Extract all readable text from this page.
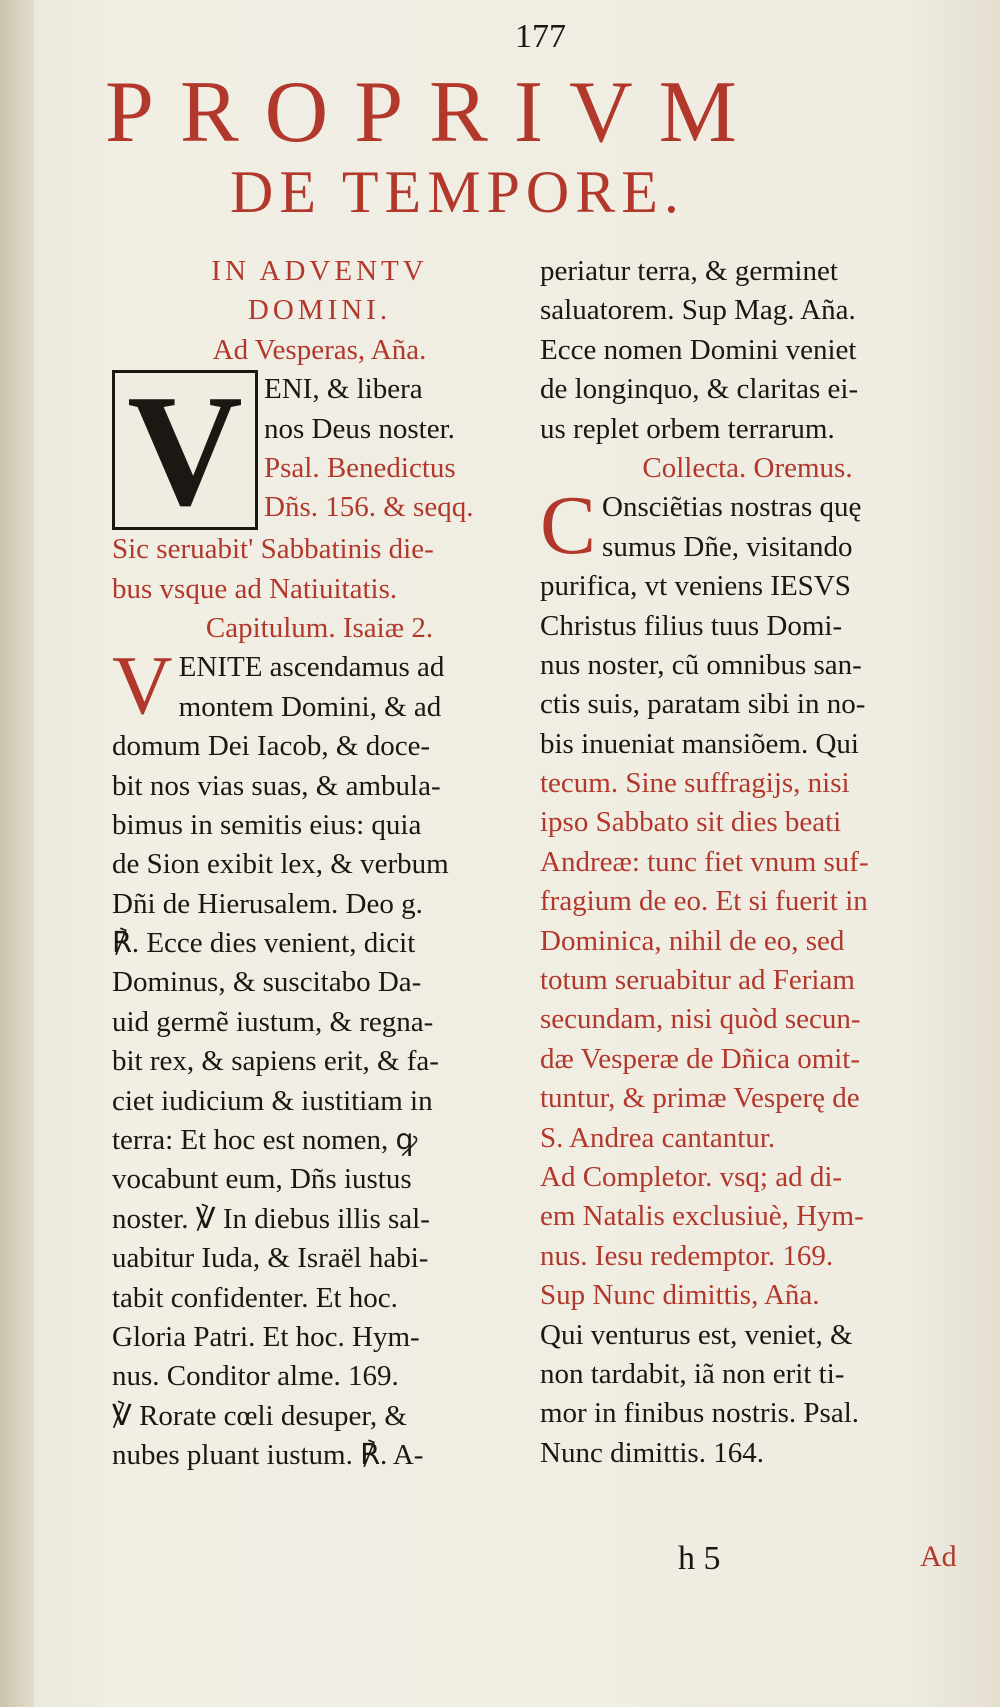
177
PROPRIVM
DE TEMPORE.
IN ADVENTV
DOMINI.
Ad Vesperas, Aña.
V ENI, & libera
nos Deus noster.
Psal. Benedictus
Dñs. 156. & seqq.
Sic seruabit' Sabbatinis die-
bus vsque ad Natiuitatis.
Capitulum. Isaiæ 2.
V ENITE ascendamus ad
montem Domini, & ad
domum Dei Iacob, & doce-
bit nos vias suas, & ambula-
bimus in semitis eius: quia
de Sion exibit lex, & verbum
Dñi de Hierusalem. Deo g.
℟. Ecce dies venient, dicit
Dominus, & suscitabo Da-
uid germẽ iustum, & regna-
bit rex, & sapiens erit, & fa-
ciet iudicium & iustitiam in
terra: Et hoc est nomen, ꝙ
vocabunt eum, Dñs iustus
noster. ℣ In diebus illis sal-
uabitur Iuda, & Israël habi-
tabit confidenter. Et hoc.
Gloria Patri. Et hoc. Hym-
nus. Conditor alme. 169.
℣ Rorate cœli desuper, &
nubes pluant iustum. ℟. A-
periatur terra, & germinet
saluatorem. Sup Mag. Aña.
Ecce nomen Domini veniet
de longinquo, & claritas ei-
us replet orbem terrarum.
Collecta. Oremus.
C Onsciẽtias nostras quę
sumus Dñe, visitando
purifica, vt veniens IESVS
Christus filius tuus Domi-
nus noster, cũ omnibus san-
ctis suis, paratam sibi in no-
bis inueniat mansiõem. Qui
tecum. Sine suffragijs, nisi
ipso Sabbato sit dies beati
Andreæ: tunc fiet vnum suf-
fragium de eo. Et si fuerit in
Dominica, nihil de eo, sed
totum seruabitur ad Feriam
secundam, nisi quòd secun-
dæ Vesperæ de Dñica omit-
tuntur, & primæ Vesperę de
S. Andrea cantantur.
Ad Completor. vsq; ad di-
em Natalis exclusiuè, Hym-
nus. Iesu redemptor. 169.
Sup Nunc dimittis, Aña.
Qui venturus est, veniet, &
non tardabit, iã non erit ti-
mor in finibus nostris. Psal.
Nunc dimittis. 164.
h 5	Ad
